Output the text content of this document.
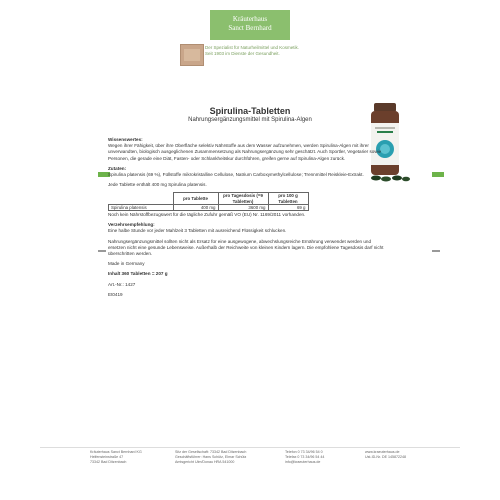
Kräuterhaus
Sanct Bernhard
Der Spezialist für Naturheilmittel und Kosmetik.
Seit 1903 im Dienste der Gesundheit.
Spirulina-Tabletten
Nahrungsergänzungsmittel mit Spirulina-Algen

Wissenswertes:

Wegen ihrer Fähigkeit, über ihre Oberfläche selektiv Nährstoffe aus dem Wasser aufzunehmen, werden Spirulina-Algen mit ihrer unverwandten, biologisch ausgeglichenen Zusammensetzung als Nahrungsergänzung sehr geschätzt. Auch Sportler, Vegetarier sowie Personen, die gerade eine Diät, Fasten- oder Schlankheitskur durchführen, greifen gerne auf Spirulina-Algen zurück.

Zutaten:

Spirulina platensis (69 %), Füllstoffe mikrokristalline Cellulose, Natrium Carboxymethylcellulose; Trennmittel Reiskleie-Extrakt.

Jede Tablette enthält 400 mg Spirulina platensis.

	pro Tablette	pro Tagesdosis (=9 Tabletten)	pro 100 g Tabletten
Spirulina platensis	400 mg	3600 mg	69 g

Noch kein Nährstoffbezugswert für die tägliche Zufuhr gemäß VO (EU) Nr. 1169/2011 vorhanden.

Verzehrsempfehlung:

Eine halbe Stunde vor jeder Mahlzeit 3 Tabletten mit ausreichend Flüssigkeit schlucken.

Nahrungsergänzungsmittel sollten nicht als Ersatz für eine ausgewogene, abwechslungsreiche Ernährung verwendet werden und ersetzen nicht eine gesunde Lebensweise. Außerhalb der Reichweite von kleinen Kindern lagern. Die empfohlene Tagesdosis darf nicht überschritten werden.

Made in Germany

Inhalt 360 Tabletten = 207 g

Art.-Nr.: 1427

Et0419

Kräuterhaus Sanct Bernhard KG
Helfensteinstraße 47
73342 Bad Ditzenbach
Sitz der Gesellschaft: 73342 Bad Ditzenbach
Geschäftsführer: Hans Schütz, Elmar Schütz
Amtsgericht Ulm/Donau HRA 541000
Telefon 0 73 34/96 54 0
Telefax 0 73 34/96 54 44
info@kraeuterhaus.de
www.kraeuterhaus.de
Ust-ID-Nr. DE 145872248
